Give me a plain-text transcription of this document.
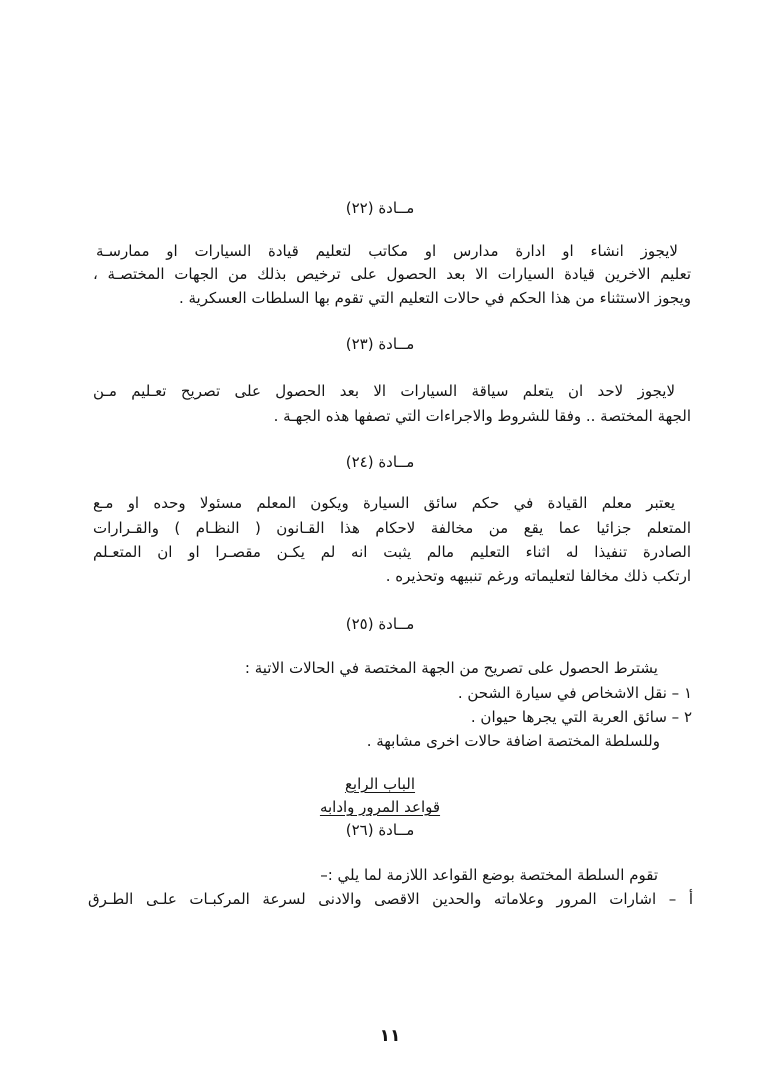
مــادة (٢٢)
لايجوز انشاء او ادارة مدارس او مكاتب لتعليم قيادة السيارات او ممارسـة
تعليم الاخرين قيادة السيارات الا بعد الحصول على ترخيص بذلك من الجهات المختصـة ،
ويجوز الاستثناء من هذا الحكم في حالات التعليم التي تقوم بها السلطات العسكرية .
مــادة (٢٣)
لايجوز لاحد ان يتعلم سياقة السيارات الا بعد الحصول على تصريح تعـليم مـن
الجهة المختصة .. وفقا للشروط والاجراءات التي تصفها هذه الجهـة .
مــادة (٢٤)
يعتبر معلم القيادة في حكم سائق السيارة ويكون المعلم مسئولا وحده او مـع
المتعلم جزائيا عما يقع من مخالفة لاحكام هذا القـانون ( النظـام ) والقـرارات
الصادرة تنفيذا له اثناء التعليم مالم يثبت انه لم يكـن مقصـرا او ان المتعـلم
ارتكب ذلك مخالفا لتعليماته ورغم تنبيهه وتحذيره .
مــادة (٢٥)
يشترط الحصول على تصريح من الجهة المختصة في الحالات الاتية :
١ – نقل الاشخاص في سيارة الشحن .
٢ – سائق العربة التي يجرها حيوان .
وللسلطة المختصة اضافة حالات اخرى مشابهة .
الباب الرابع
قواعد المرور وادابه
مــادة (٢٦)
تقوم السلطة المختصة بوضع القواعد اللازمة لما يلي :–
أ – اشارات المرور وعلاماته والحدين الاقصى والادنى لسرعة المركبـات علـى الطـرق
١١
